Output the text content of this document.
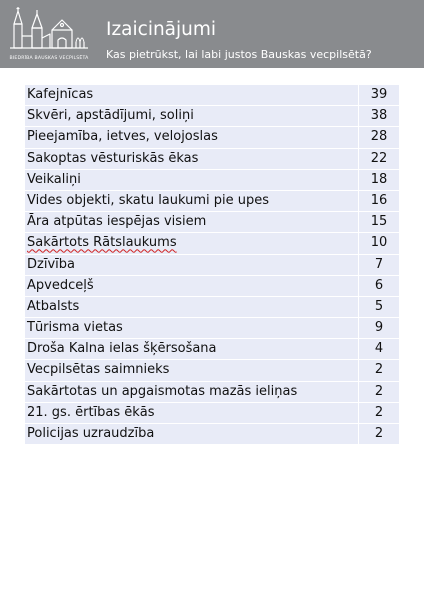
BIEDRĪBA BAUSKAS VECPILSĒTA
Izaicinājumi
Kas pietrūkst, lai labi justos Bauskas vecpilsētā?
Kafejnīcas	39
Skvēri, apstādījumi, soliņi	38
Pieejamība, ietves, velojoslas	28
Sakoptas vēsturiskās ēkas	22
Veikaliņi	18
Vides objekti, skatu laukumi pie upes	16
Āra atpūtas iespējas visiem	15
Sakārtots Rātslaukums	10
Dzīvība	7
Apvedceļš	6
Atbalsts	5
Tūrisma vietas	9
Droša Kalna ielas šķērsošana	4
Vecpilsētas saimnieks	2
Sakārtotas un apgaismotas mazās ieliņas	2
21. gs. ērtības ēkās	2
Policijas uzraudzība	2
